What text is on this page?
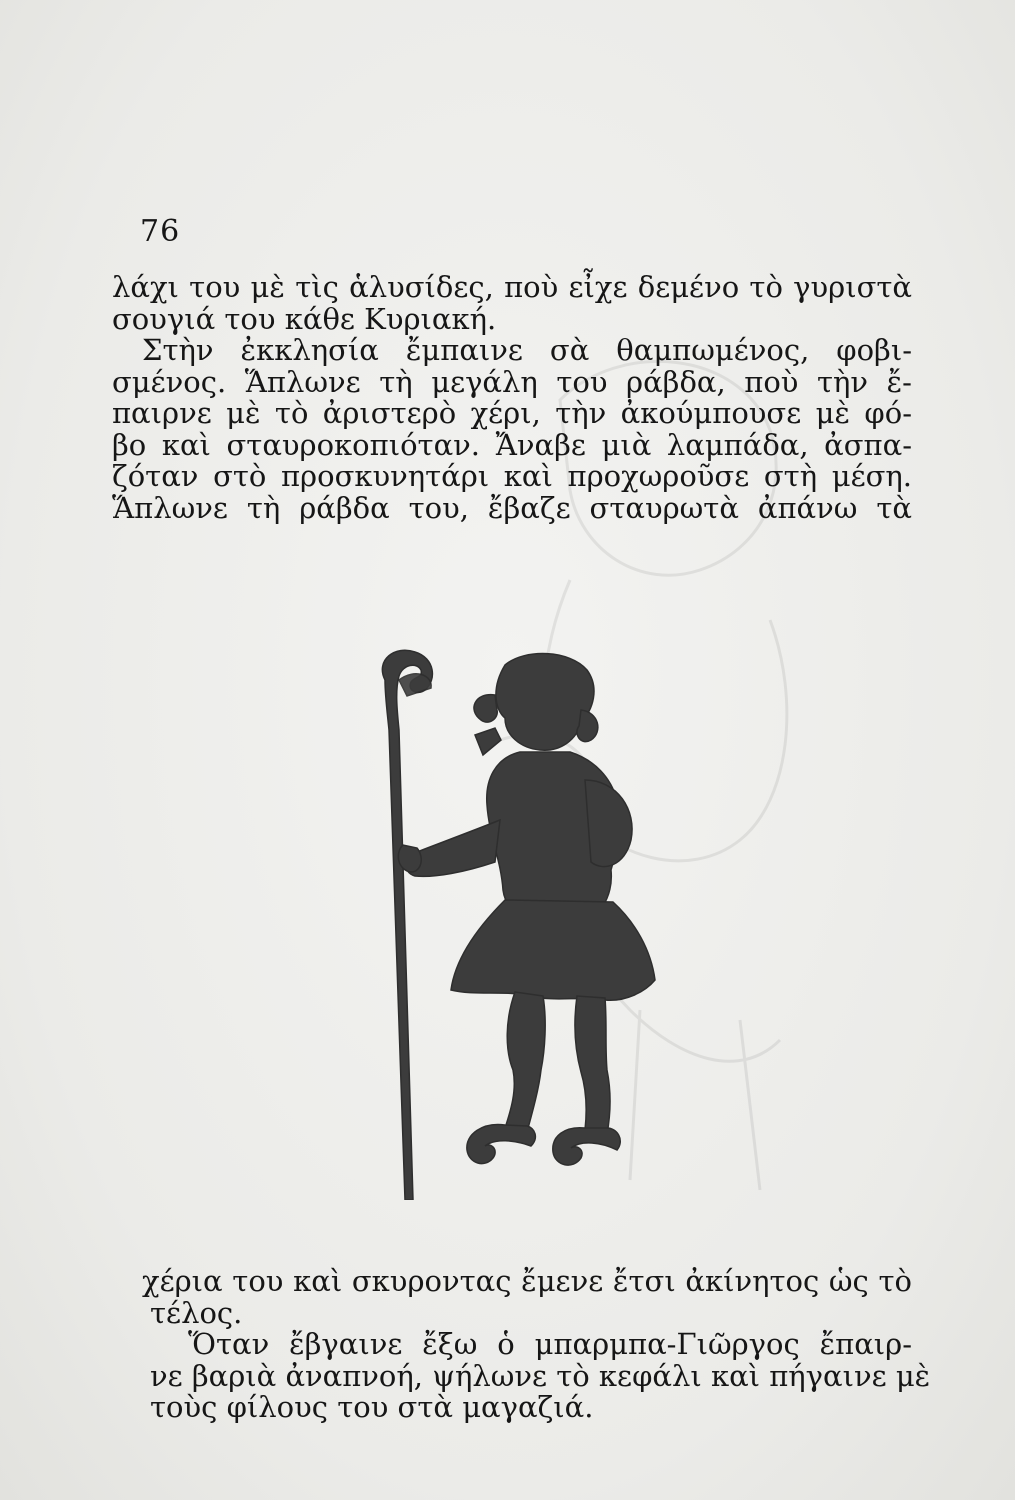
76
λάχι του μὲ τὶς ἁλυσίδες, ποὺ εἶχε δεμένο τὸ γυριστὰ
σουγιά του κάθε Κυριακή.
Στὴν ἐκκλησία ἔμπαινε σὰ θαμπωμένος, φοβι-
σμένος. Ἅπλωνε τὴ μεγάλη του ράβδα, ποὺ τὴν ἔ-
παιρνε μὲ τὸ ἀριστερὸ χέρι, τὴν ἀκούμπουσε μὲ φό-
βο καὶ σταυροκοπιόταν. Ἄναβε μιὰ λαμπάδα, ἀσπα-
ζόταν στὸ προσκυνητάρι καὶ προχωροῦσε στὴ μέση.
Ἅπλωνε τὴ ράβδα του, ἔβαζε σταυρωτὰ ἀπάνω τὰ
χέρια του καὶ σκυροντας ἔμενε ἔτσι ἀκίνητος ὡς τὸ
τέλος.
Ὅταν ἔβγαινε ἔξω ὁ μπαρμπα-Γιῶργος ἔπαιρ-
νε βαριὰ ἀναπνοή, ψήλωνε τὸ κεφάλι καὶ πήγαινε μὲ
τοὺς φίλους του στὰ μαγαζιά.
